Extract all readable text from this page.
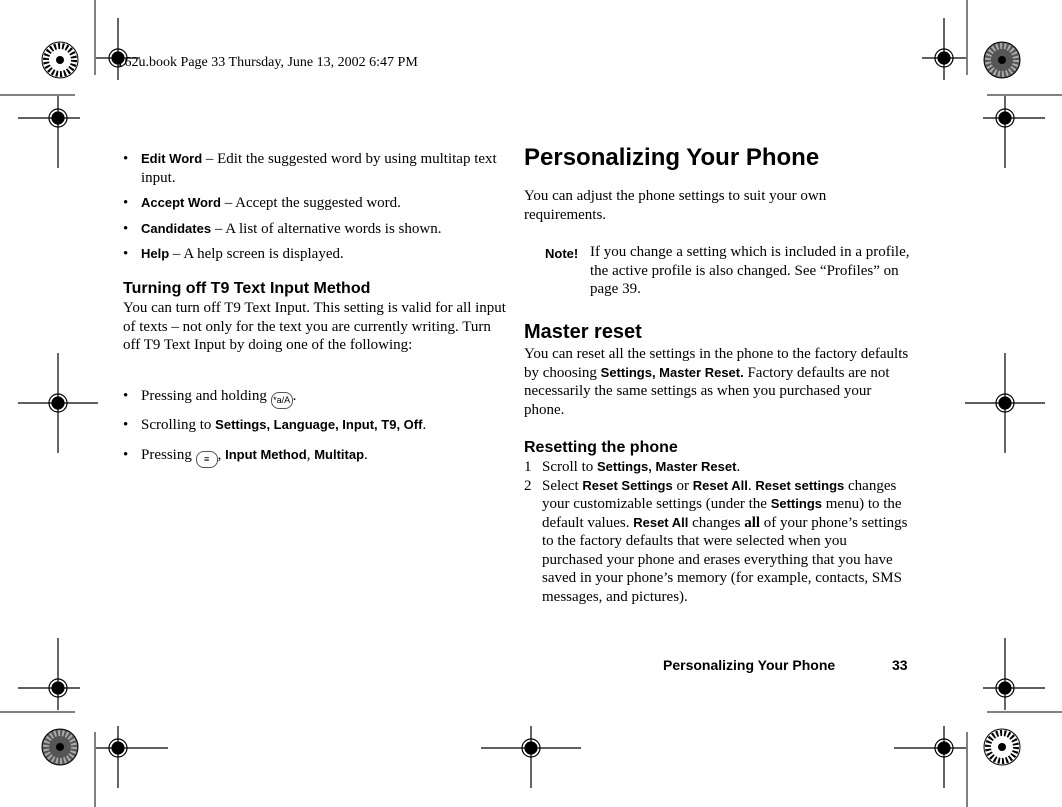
T62u.book Page 33 Thursday, June 13, 2002 6:47 PM
• Edit Word – Edit the suggested word by using multitap text input.
• Accept Word – Accept the suggested word.
• Candidates – A list of alternative words is shown.
• Help – A help screen is displayed.
Turning off T9 Text Input Method

You can turn off T9 Text Input. This setting is valid for all input of texts – not only for the text you are currently writing. Turn off T9 Text Input by doing one of the following:

• Pressing and holding *a/A .
• Scrolling to Settings, Language, Input, T9, Off.
• Pressing ≡ , Input Method, Multitap.
Personalizing Your Phone

You can adjust the phone settings to suit your own requirements.

Note! If you change a setting which is included in a profile, the active profile is also changed. See “Profiles” on page 39.

Master reset

You can reset all the settings in the phone to the factory defaults by choosing Settings, Master Reset. Factory defaults are not necessarily the same settings as when you purchased your phone.

Resetting the phone
1 Scroll to Settings, Master Reset.
2 Select Reset Settings or Reset All. Reset settings changes your customizable settings (under the Settings menu) to the default values. Reset All changes all of your phone’s settings to the factory defaults that were selected when you purchased your phone and erases everything that you have saved in your phone’s memory (for example, contacts, SMS messages, and pictures).
Personalizing Your Phone	33
